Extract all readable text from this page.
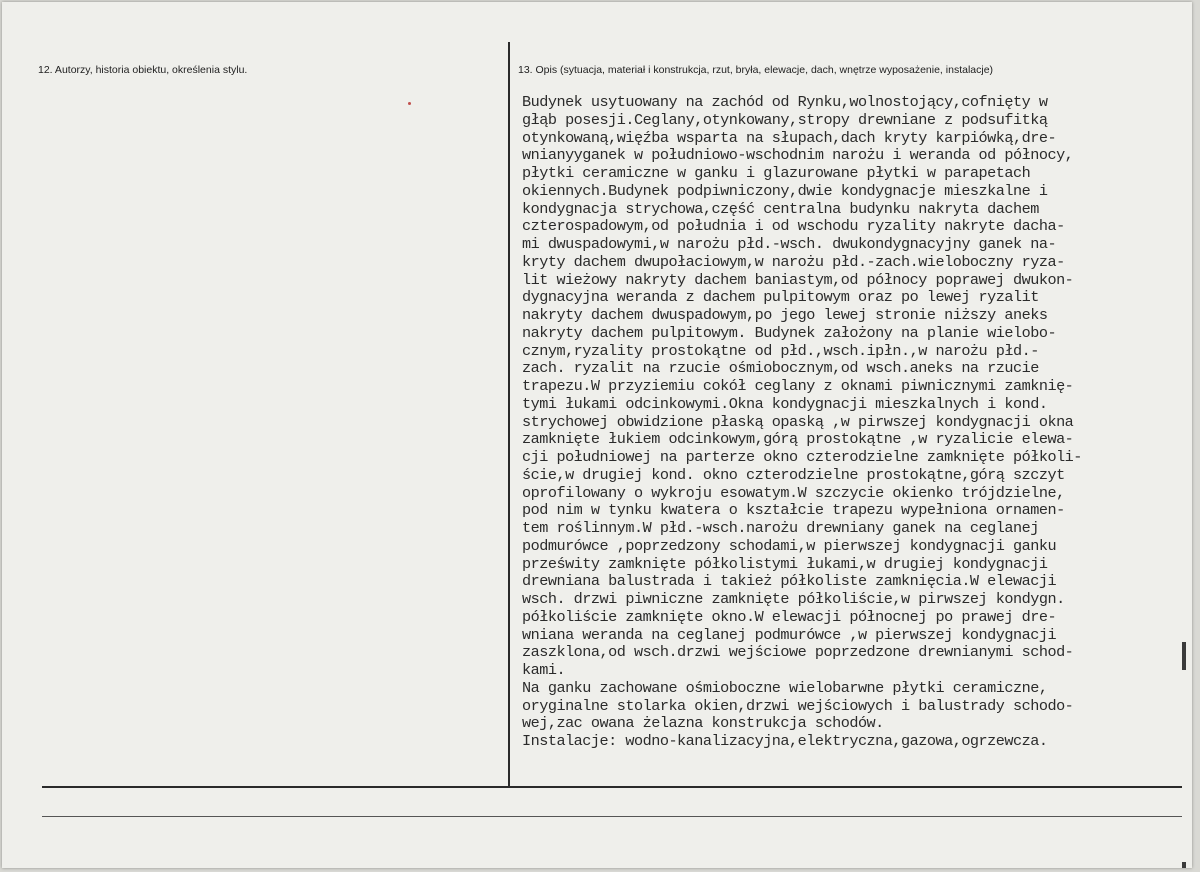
12. Autorzy, historia obiektu, określenia stylu.	13. Opis (sytuacja, materiał i konstrukcja, rzut, bryła, elewacje, dach, wnętrze wyposażenie, instalacje)
Budynek usytuowany na zachód od Rynku,wolnostojący,cofnięty w
głąb posesji.Ceglany,otynkowany,stropy drewniane z podsufitką
otynkowaną,więźba wsparta na słupach,dach kryty karpiówką,dre-
wnianyyganek w południowo-wschodnim narożu i weranda od północy,
płytki ceramiczne w ganku i glazurowane płytki w parapetach
okiennych.Budynek podpiwniczony,dwie kondygnacje mieszkalne i
kondygnacja strychowa,część centralna budynku nakryta dachem
czterospadowym,od południa i od wschodu ryzality nakryte dacha-
mi dwuspadowymi,w narożu płd.-wsch. dwukondygnacyjny ganek na-
kryty dachem dwupołaciowym,w narożu płd.-zach.wieloboczny ryza-
lit wieżowy nakryty dachem baniastym,od północy poprawej dwukon-
dygnacyjna weranda z dachem pulpitowym oraz po lewej ryzalit
nakryty dachem dwuspadowym,po jego lewej stronie niższy aneks
nakryty dachem pulpitowym. Budynek założony na planie wielobo-
cznym,ryzality prostokątne od płd.,wsch.ipłn.,w narożu płd.-
zach. ryzalit na rzucie ośmiobocznym,od wsch.aneks na rzucie
trapezu.W przyziemiu cokół ceglany z oknami piwnicznymi zamknię-
tymi łukami odcinkowymi.Okna kondygnacji mieszkalnych i kond.
strychowej obwidzione płaską opaską ,w pirwszej kondygnacji okna
zamknięte łukiem odcinkowym,górą prostokątne ,w ryzalicie elewa-
cji południowej na parterze okno czterodzielne zamknięte półkoli-
ście,w drugiej kond. okno czterodzielne prostokątne,górą szczyt
oprofilowany o wykroju esowatym.W szczycie okienko trójdzielne,
pod nim w tynku kwatera o kształcie trapezu wypełniona ornamen-
tem roślinnym.W płd.-wsch.narożu drewniany ganek na ceglanej
podmurówce ,poprzedzony schodami,w pierwszej kondygnacji ganku
prześwity zamknięte półkolistymi łukami,w drugiej kondygnacji
drewniana balustrada i takież półkoliste zamknięcia.W elewacji
wsch. drzwi piwniczne zamknięte półkoliście,w pirwszej kondygn.
półkoliście zamknięte okno.W elewacji północnej po prawej dre-
wniana weranda na ceglanej podmurówce ,w pierwszej kondygnacji
zaszklona,od wsch.drzwi wejściowe poprzedzone drewnianymi schod-
kami.
Na ganku zachowane ośmioboczne wielobarwne płytki ceramiczne,
oryginalne stolarka okien,drzwi wejściowych i balustrady schodo-
wej,zac owana żelazna konstrukcja schodów.
Instalacje: wodno-kanalizacyjna,elektryczna,gazowa,ogrzewcza.
